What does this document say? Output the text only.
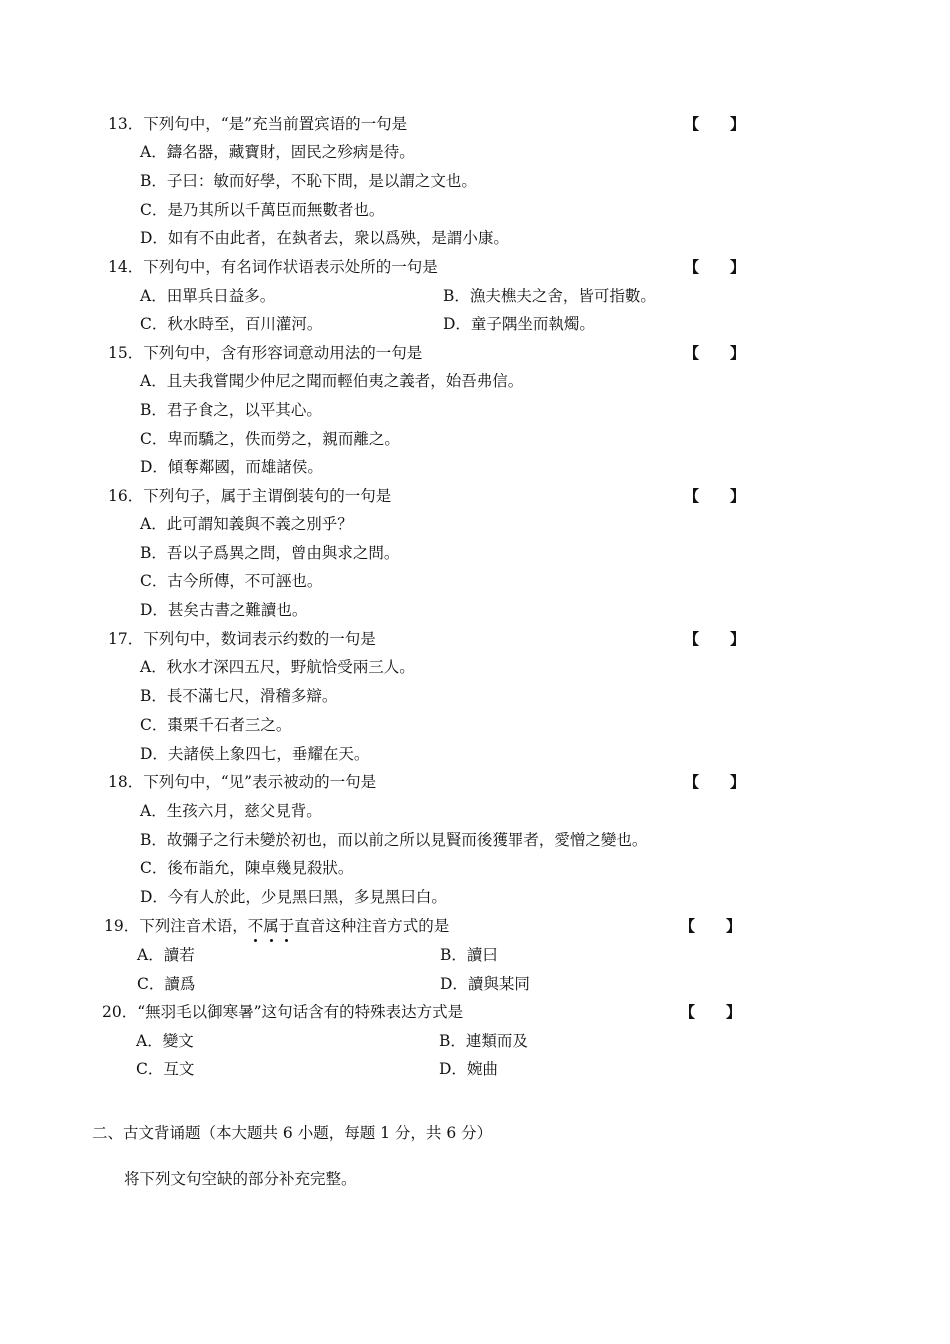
13．下列句中，“是”充当前置宾语的一句是	【 】
A．鑄名器，藏寶財，固民之殄病是待。
B．子曰：敏而好學，不恥下問，是以謂之文也。
C．是乃其所以千萬臣而無數者也。
D．如有不由此者，在埶者去，衆以爲殃，是謂小康。
14．下列句中，有名词作状语表示处所的一句是	【 】
A．田單兵日益多。	B．漁夫樵夫之舍，皆可指數。
C．秋水時至，百川灌河。	D．童子隅坐而執燭。
15．下列句中，含有形容词意动用法的一句是	【 】
A．且夫我嘗聞少仲尼之聞而輕伯夷之義者，始吾弗信。
B．君子食之，以平其心。
C．卑而驕之，佚而勞之，親而離之。
D．傾奪鄰國，而雄諸侯。
16．下列句子，属于主谓倒装句的一句是	【 】
A．此可謂知義與不義之別乎？
B．吾以子爲異之問，曾由與求之問。
C．古今所傳，不可誣也。
D．甚矣古書之難讀也。
17．下列句中，数词表示约数的一句是	【 】
A．秋水才深四五尺，野航恰受兩三人。
B．長不滿七尺，滑稽多辯。
C．棗栗千石者三之。
D．夫諸侯上象四七，垂耀在天。
18．下列句中，“见”表示被动的一句是	【 】
A．生孩六月，慈父見背。
B．故彌子之行未變於初也，而以前之所以見賢而後獲罪者，愛憎之變也。
C．後布詣允，陳卓幾見殺狀。
D．今有人於此，少見黑曰黑，多見黑曰白。
19．下列注音术语，不属于直音这种注音方式的是	【 】
A．讀若	B．讀曰
C．讀爲	D．讀與某同
20．“無羽毛以御寒暑”这句话含有的特殊表达方式是	【 】
A．變文	B．連類而及
C．互文	D．婉曲
二、古文背诵题（本大题共 6 小题，每题 1 分，共 6 分）
将下列文句空缺的部分补充完整。
